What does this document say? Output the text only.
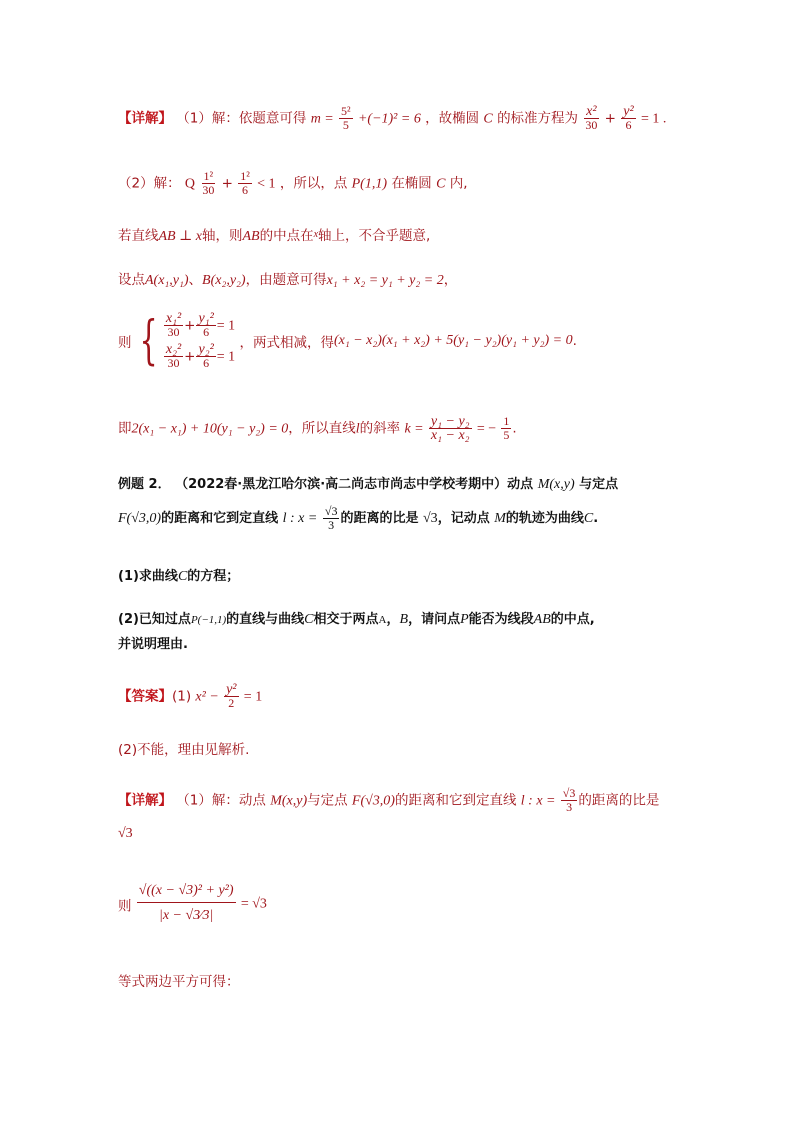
【详解】 （1）解：依题意可得 $m = \frac{\text{5²}}{5} +(-1)^2 = 6$ ，故椭圆 C 的标准方程为 $\frac{\text{x²}}{30} + \frac{\text{y²}}{6} = 1$ .
（2）解： Q $\frac{\text{1²}}{30} + \frac{\text{1²}}{6} < 1$ ，所以，点 P(1,1) 在椭圆 C 内,
若直线AB ⊥ x轴，则AB的中点在$^x$轴上，不合乎题意,
设点A(x₁,y₁)、B(x₂,y₂)，由题意可得x₁ + x₂ = y₁ + y₂ = 2，
则 { $\frac{\text{x₁²}}{30} + \frac{\text{y₁²}}{6} = 1$
$\frac{\text{x₂²}}{30} + \frac{\text{y₂²}}{6} = 1$
，两式相减，得(x₁ − x₂)(x₁ + x₂) + 5(y₁ − y₂)(y₁ + y₂) = 0.
即2(x₁ − x₁) + 10(y₁ − y₂) = 0，所以直线l的斜率 $k = \frac{\text{y₁ − y₂}}{\text{x₁ − x₂}}$ = − $\frac{1}{5}$ .
例题 2． （2022春·黑龙江哈尔滨·高二尚志市尚志中学校考期中）动点 M(x,y) 与定点
F(√3,0)的距离和它到定直线 l : $x = \frac{√3}{3}$ 的距离的比是 √3，记动点 M的轨迹为曲线C.
(1)求曲线C的方程；
(2)已知过点P(−1,1)的直线与曲线C相交于两点A，B，请问点P能否为线段AB的中点,
并说明理由.
【答案】(1) $x^2 - \frac{\text{y²}}{2} = 1$
(2)不能，理由见解析.
【详解】 （1）解：动点 M(x,y)与定点 F(√3,0)的距离和它到定直线 l : $x = \frac{√3}{3}$ 的距离的比是
√3
则 $\frac{\text{√((x − √3)² + y²)}}{|x - √3⁄3|} = √3$
等式两边平方可得：
